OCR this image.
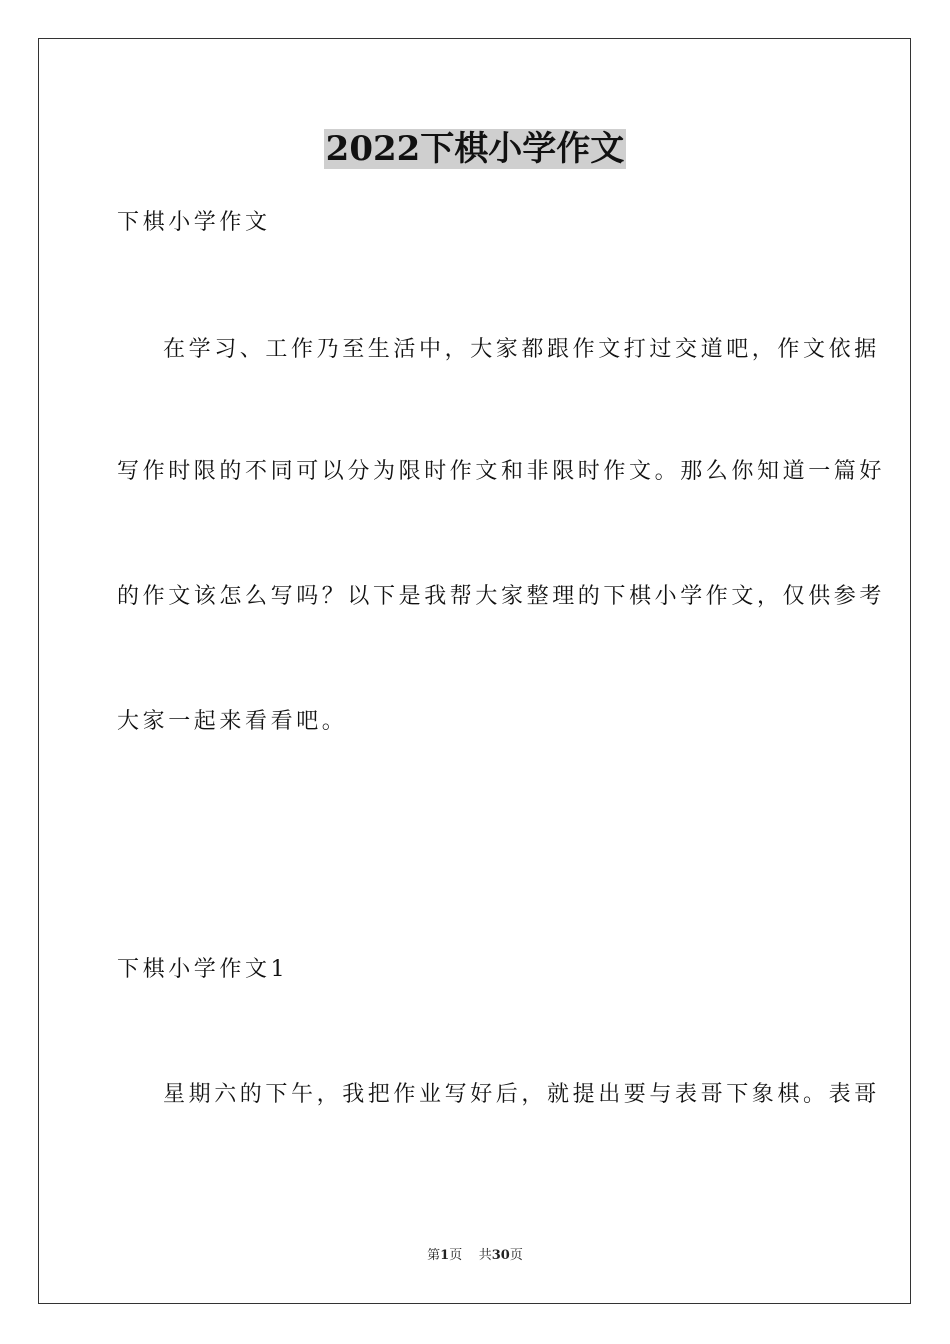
2022下棋小学作文
下棋小学作文
在学习、工作乃至生活中，大家都跟作文打过交道吧，作文依据
写作时限的不同可以分为限时作文和非限时作文。那么你知道一篇好
的作文该怎么写吗？以下是我帮大家整理的下棋小学作文，仅供参考
大家一起来看看吧。
下棋小学作文1
星期六的下午，我把作业写好后，就提出要与表哥下象棋。表哥
第1页 共30页
